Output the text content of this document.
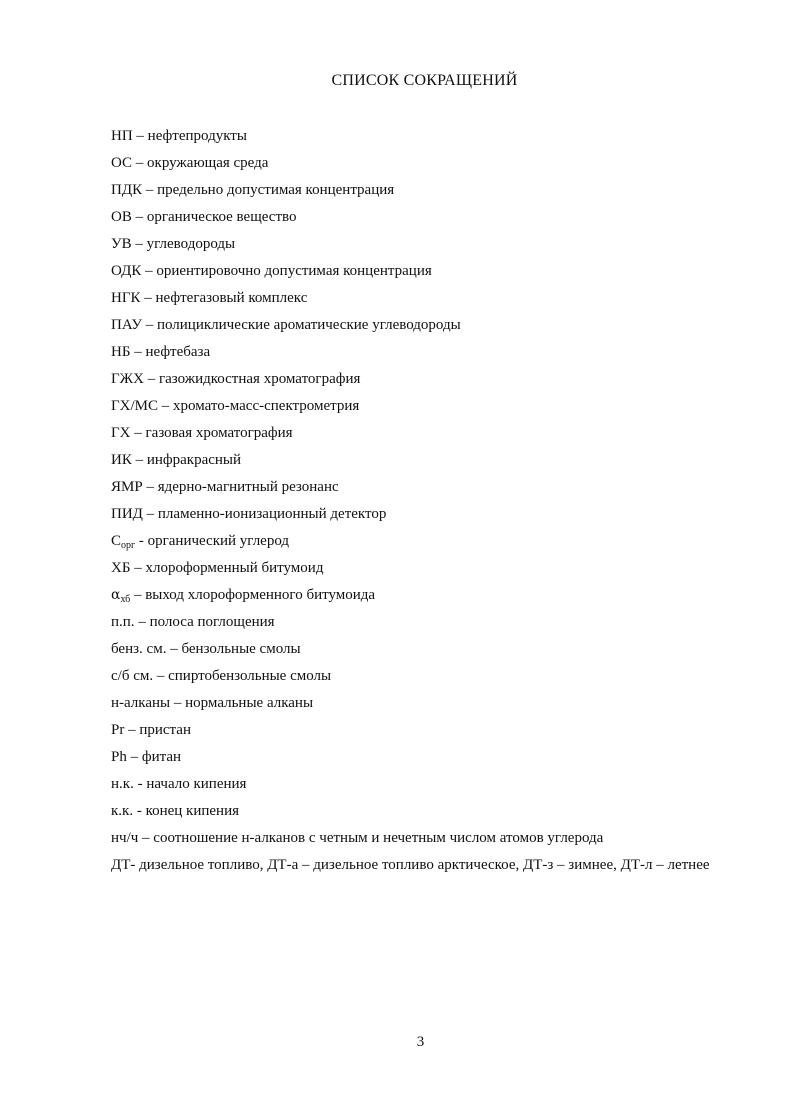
СПИСОК СОКРАЩЕНИЙ
НП – нефтепродукты
ОС – окружающая среда
ПДК – предельно допустимая концентрация
ОВ – органическое вещество
УВ – углеводороды
ОДК – ориентировочно допустимая концентрация
НГК – нефтегазовый комплекс
ПАУ – полициклические ароматические углеводороды
НБ – нефтебаза
ГЖХ – газожидкостная хроматография
ГХ/МС – хромато-масс-спектрометрия
ГХ – газовая хроматография
ИК – инфракрасный
ЯМР – ядерно-магнитный резонанс
ПИД – пламенно-ионизационный детектор
$С_{орг}$ - органический углерод
ХБ – хлороформенный битумоид
$\alpha_{хб}$ – выход хлороформенного битумоида
п.п. – полоса поглощения
бенз. см. – бензольные смолы
с/б см. – спиртобензольные смолы
н-алканы – нормальные алканы
Pr – пристан
Ph – фитан
н.к. - начало кипения
к.к. - конец кипения
нч/ч – соотношение н-алканов с четным и нечетным числом атомов углерода
ДТ- дизельное топливо, ДТ-а – дизельное топливо арктическое, ДТ-з – зимнее, ДТ-л – летнее
3
